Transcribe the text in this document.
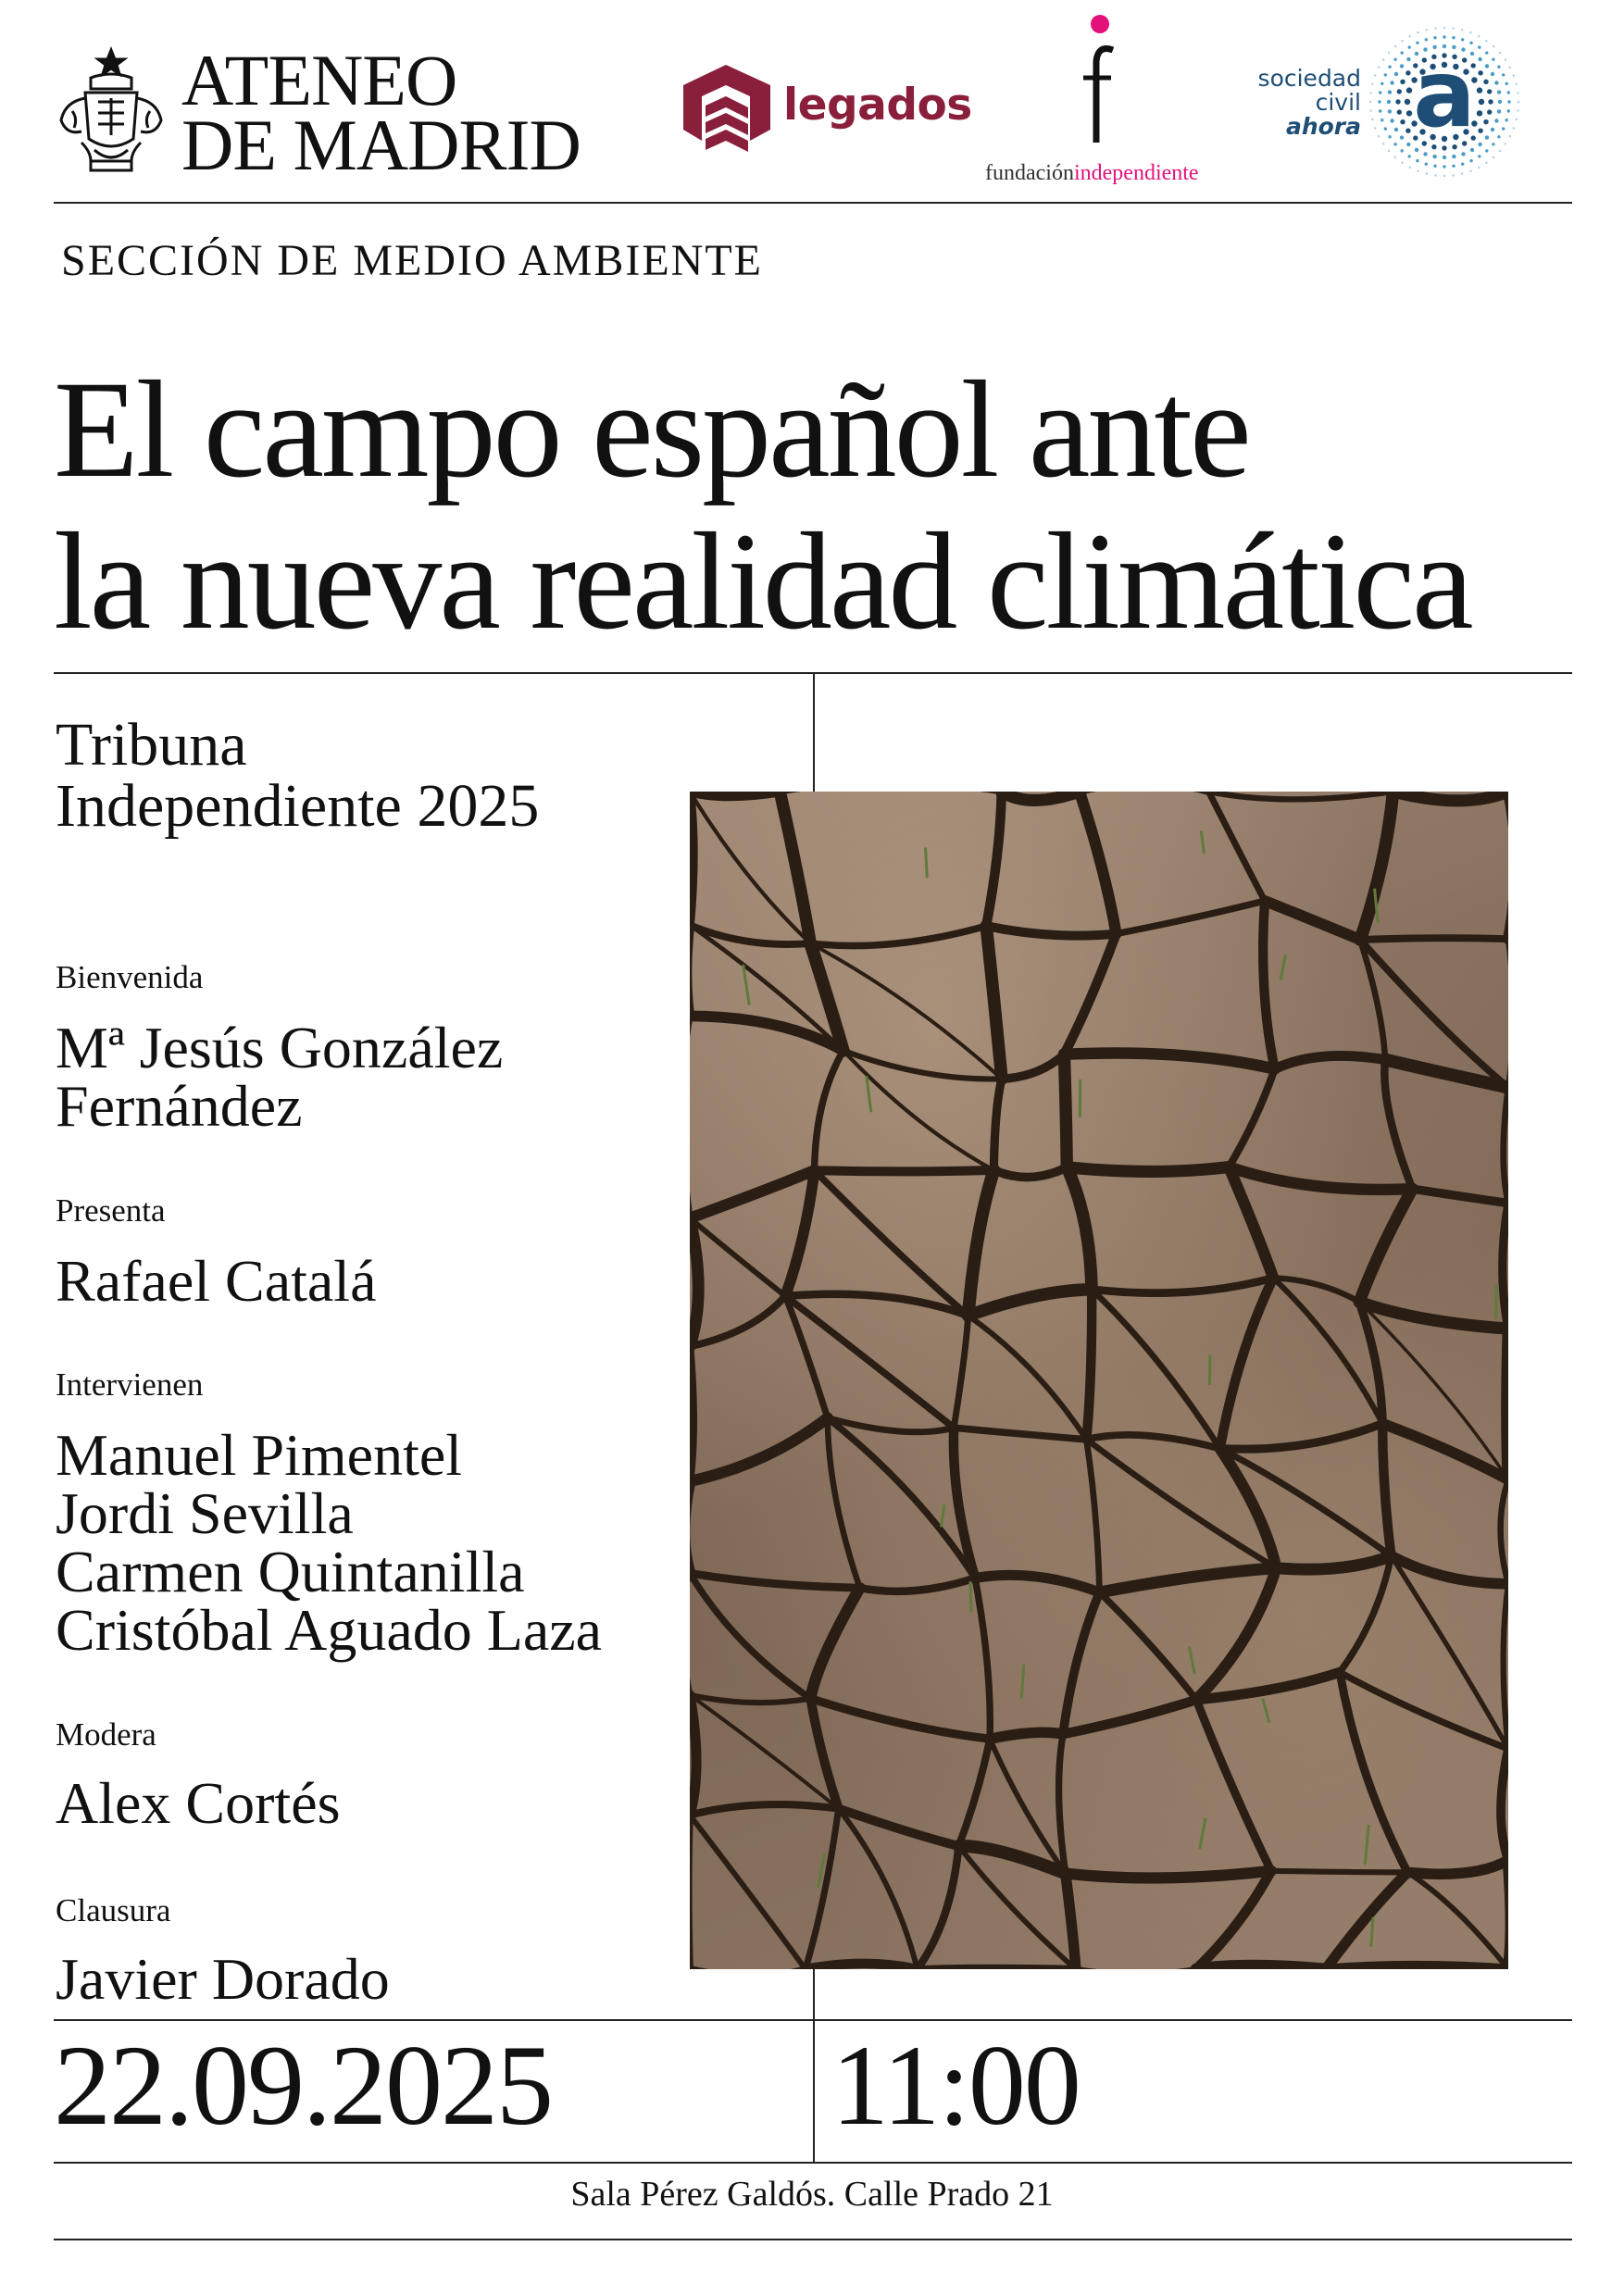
ATENEO
DE MADRID	legados
fundaciónindependiente
sociedad
civil
ahora a
SECCIÓN DE MEDIO AMBIENTE
El campo español ante
la nueva realidad climática
Tribuna
Independiente 2025
Bienvenida
Mª Jesús González
Fernández
Presenta
Rafael Catalá
Intervienen
Manuel Pimentel
Jordi Sevilla
Carmen Quintanilla
Cristóbal Aguado Laza
Modera
Alex Cortés
Clausura
Javier Dorado
22.09.2025 11:00
Sala Pérez Galdós. Calle Prado 21
